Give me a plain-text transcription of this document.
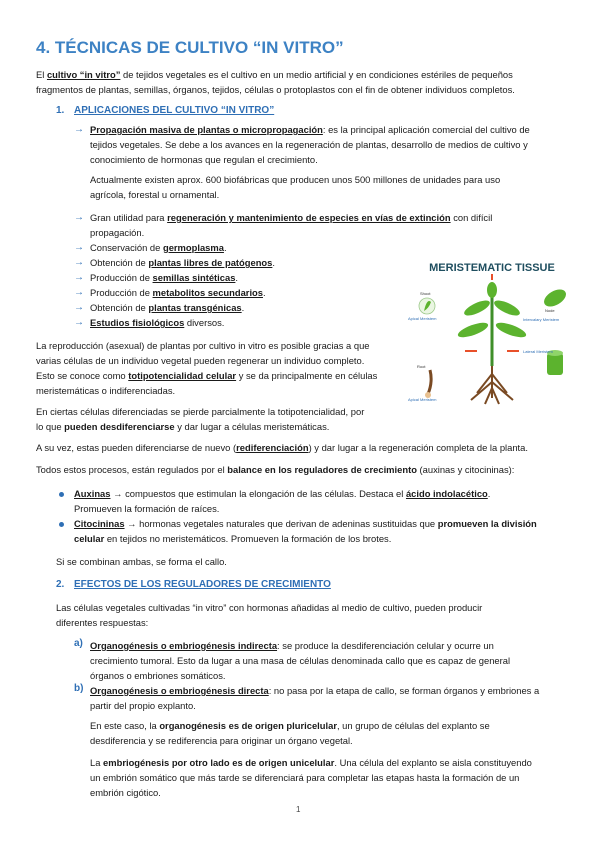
4. TÉCNICAS DE CULTIVO “IN VITRO”

El cultivo “in vitro” de tejidos vegetales es el cultivo en un medio artificial y en condiciones estériles de pequeños

fragmentos de plantas, semillas, órganos, tejidos, células o protoplastos con el fin de obtener individuos completos.

1. APLICACIONES DEL CULTIVO “IN VITRO”
→ Propagación masiva de plantas o micropropagación: es la principal aplicación comercial del cultivo de

tejidos vegetales. Se debe a los avances en la regeneración de plantas, desarrollo de medios de cultivo y

conocimiento de hormonas que regulan el crecimiento.

Actualmente existen aprox. 600 biofábricas que producen unos 500 millones de unidades para uso

agrícola, forestal u ornamental.

→ Gran utilidad para regeneración y mantenimiento de especies en vías de extinción con difícil

propagación.

→ Conservación de germoplasma.

→ Obtención de plantas libres de patógenos.

→ Producción de semillas sintéticas.

→ Producción de metabolitos secundarios.

→ Obtención de plantas transgénicas.

→ Estudios fisiológicos diversos.

MERISTEMATIC TISSUE
Shoot
Apical Meristem
Node
Intercalary Meristem
Lateral Meristem
Root
Apical Meristem

La reproducción (asexual) de plantas por cultivo in vitro es posible gracias a que

varias células de un individuo vegetal pueden regenerar un individuo completo.

Esto se conoce como totipotencialidad celular y se da principalmente en células

meristemáticas o indiferenciadas.

En ciertas células diferenciadas se pierde parcialmente la totipotencialidad, por

lo que pueden desdiferenciarse y dar lugar a células meristemáticas.

A su vez, estas pueden diferenciarse de nuevo (rediferenciación) y dar lugar a la regeneración completa de la planta.

Todos estos procesos, están regulados por el balance en los reguladores de crecimiento (auxinas y citocininas):

Auxinas → compuestos que estimulan la elongación de las células. Destaca el ácido indolacético.

Promueven la formación de raíces.

Citocininas → hormonas vegetales naturales que derivan de adeninas sustituidas que promueven la división

celular en tejidos no meristemáticos. Promueven la formación de los brotes.

Si se combinan ambas, se forma el callo.

2. EFECTOS DE LOS REGULADORES DE CRECIMIENTO

Las células vegetales cultivadas “in vitro” con hormonas añadidas al medio de cultivo, pueden producir

diferentes respuestas:

a) Organogénesis o embriogénesis indirecta: se produce la desdiferenciación celular y ocurre un

crecimiento tumoral. Esto da lugar a una masa de células denominada callo que es capaz de general

órganos o embriones somáticos.

b) Organogénesis o embriogénesis directa: no pasa por la etapa de callo, se forman órganos y embriones a

partir del propio explanto.

En este caso, la organogénesis es de origen pluricelular, un grupo de células del explanto se

desdiferencia y se rediferencia para originar un órgano vegetal.

La embriogénesis por otro lado es de origen unicelular. Una célula del explanto se aisla constituyendo

un embrión somático que más tarde se diferenciará para completar las etapas hasta la formación de un

embrión cigótico.

1
